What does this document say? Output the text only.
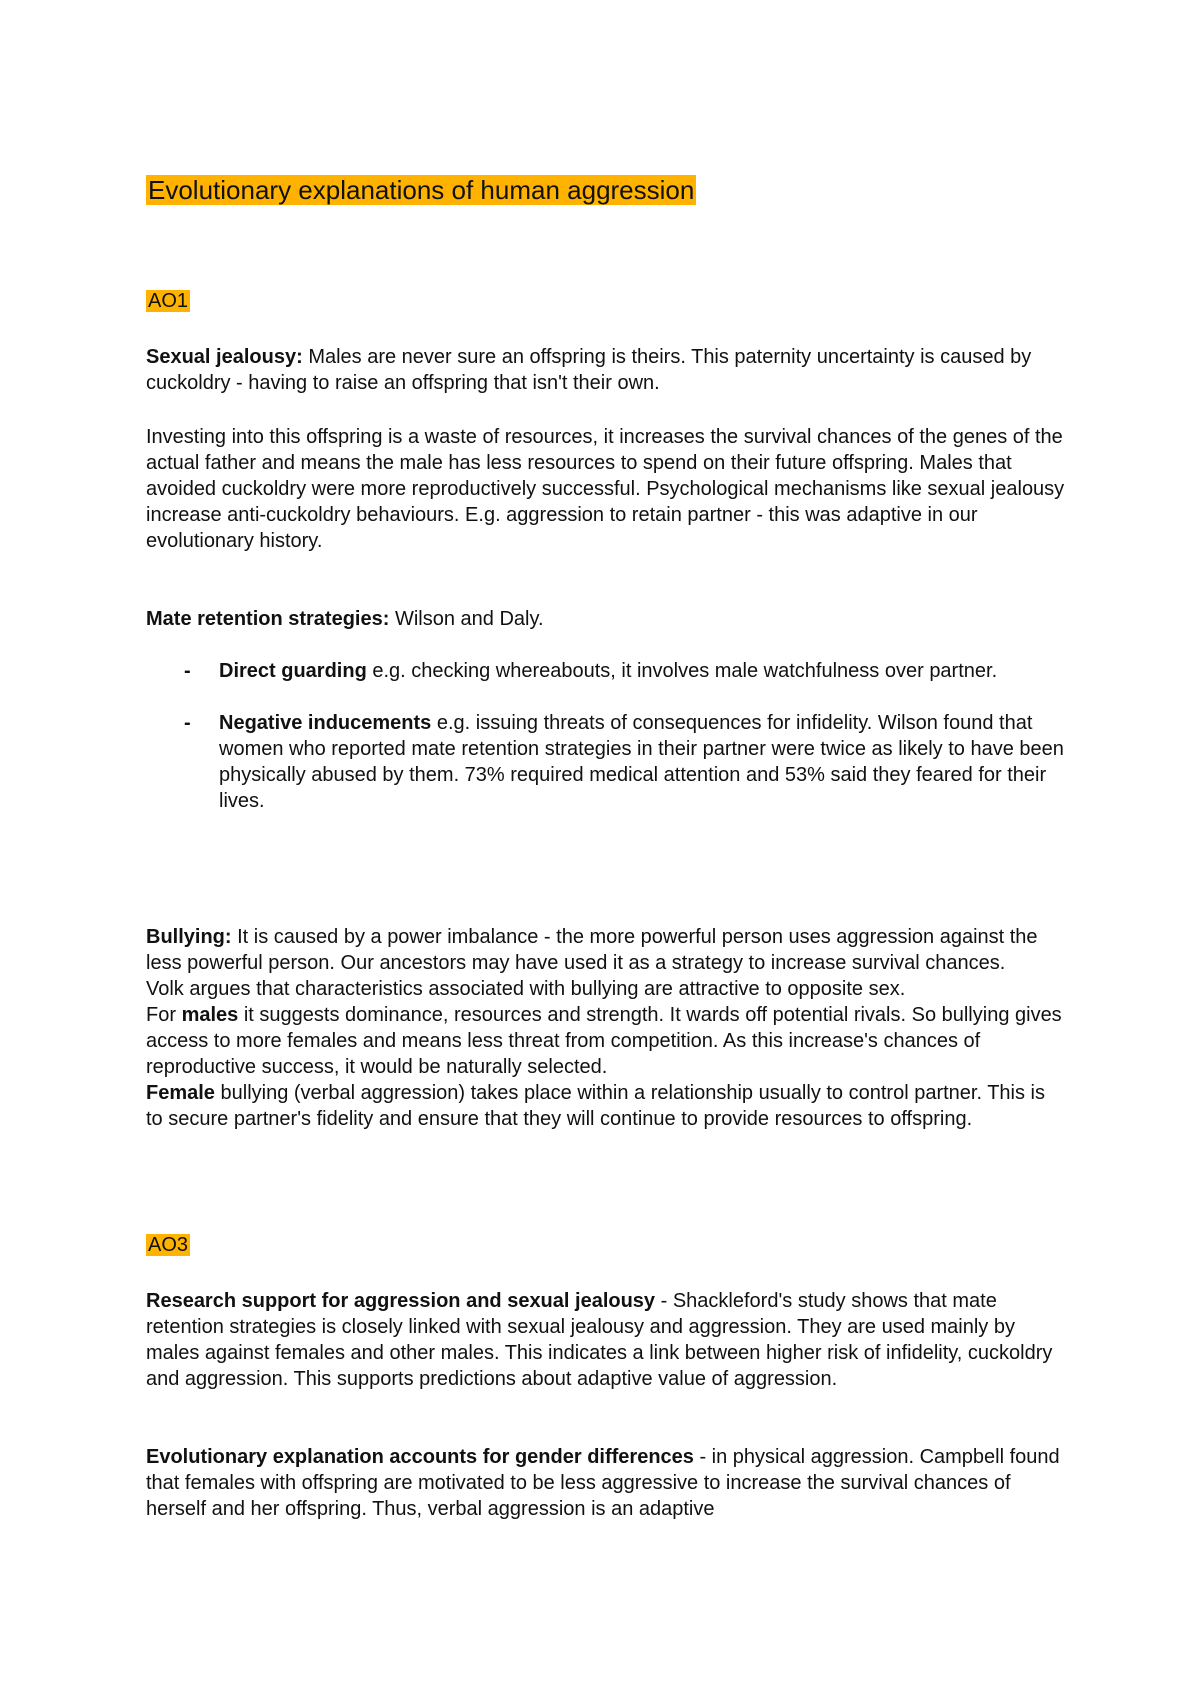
Evolutionary explanations of human aggression
AO1

Sexual jealousy: Males are never sure an offspring is theirs. This paternity uncertainty is caused by cuckoldry - having to raise an offspring that isn't their own.

Investing into this offspring is a waste of resources, it increases the survival chances of the genes of the actual father and means the male has less resources to spend on their future offspring. Males that avoided cuckoldry were more reproductively successful. Psychological mechanisms like sexual jealousy increase anti-cuckoldry behaviours. E.g. aggression to retain partner - this was adaptive in our evolutionary history.

Mate retention strategies: Wilson and Daly.

- Direct guarding e.g. checking whereabouts, it involves male watchfulness over partner.
- Negative inducements e.g. issuing threats of consequences for infidelity. Wilson found that women who reported mate retention strategies in their partner were twice as likely to have been physically abused by them. 73% required medical attention and 53% said they feared for their lives.
Bullying: It is caused by a power imbalance - the more powerful person uses aggression against the less powerful person. Our ancestors may have used it as a strategy to increase survival chances.
Volk argues that characteristics associated with bullying are attractive to opposite sex.
For males it suggests dominance, resources and strength. It wards off potential rivals. So bullying gives access to more females and means less threat from competition. As this increase's chances of reproductive success, it would be naturally selected.
Female bullying (verbal aggression) takes place within a relationship usually to control partner. This is to secure partner's fidelity and ensure that they will continue to provide resources to offspring.
AO3

Research support for aggression and sexual jealousy - Shackleford's study shows that mate retention strategies is closely linked with sexual jealousy and aggression. They are used mainly by males against females and other males. This indicates a link between higher risk of infidelity, cuckoldry and aggression. This supports predictions about adaptive value of aggression.

Evolutionary explanation accounts for gender differences - in physical aggression. Campbell found that females with offspring are motivated to be less aggressive to increase the survival chances of herself and her offspring. Thus, verbal aggression is an adaptive
